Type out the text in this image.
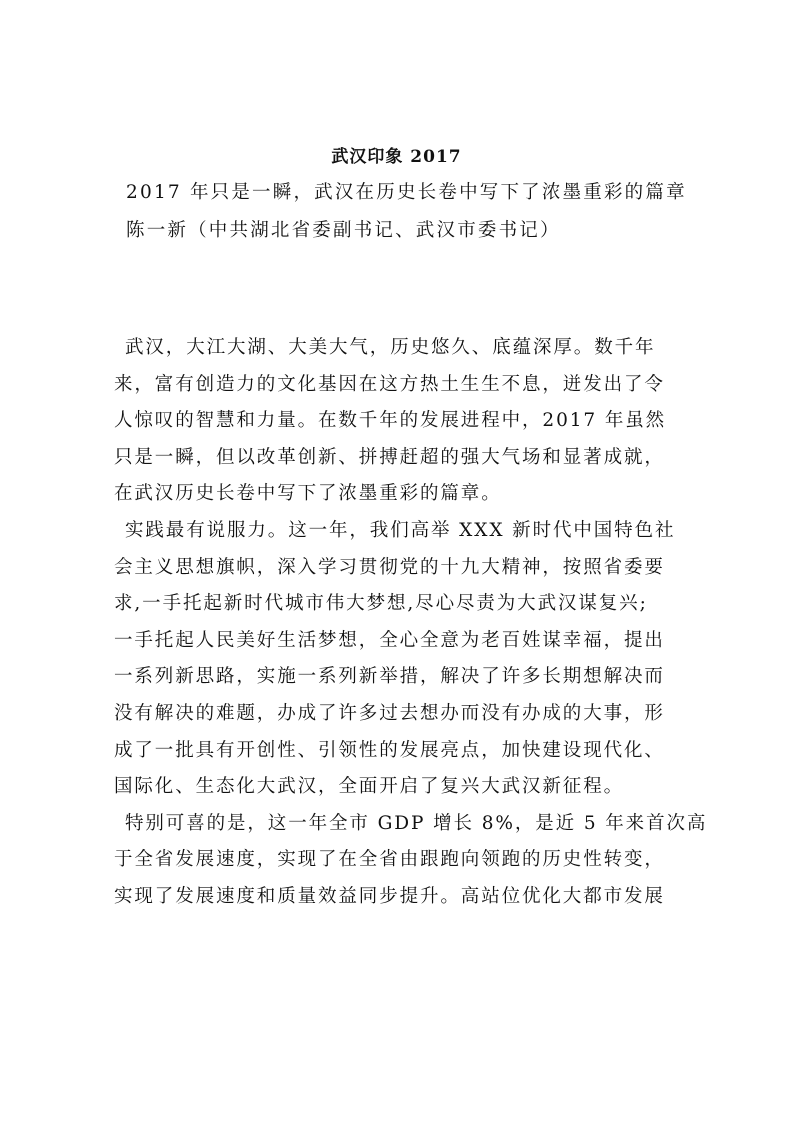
武汉印象 2017
2017 年只是一瞬，武汉在历史长卷中写下了浓墨重彩的篇章
陈一新（中共湖北省委副书记、武汉市委书记）
武汉，大江大湖、大美大气，历史悠久、底蕴深厚。数千年
来，富有创造力的文化基因在这方热土生生不息，迸发出了令
人惊叹的智慧和力量。在数千年的发展进程中，2017 年虽然
只是一瞬，但以改革创新、拼搏赶超的强大气场和显著成就，
在武汉历史长卷中写下了浓墨重彩的篇章。
实践最有说服力。这一年，我们高举 XXX 新时代中国特色社
会主义思想旗帜，深入学习贯彻党的十九大精神，按照省委要
求,一手托起新时代城市伟大梦想,尽心尽责为大武汉谋复兴;
一手托起人民美好生活梦想，全心全意为老百姓谋幸福，提出
一系列新思路，实施一系列新举措，解决了许多长期想解决而
没有解决的难题，办成了许多过去想办而没有办成的大事，形
成了一批具有开创性、引领性的发展亮点，加快建设现代化、
国际化、生态化大武汉，全面开启了复兴大武汉新征程。
特别可喜的是，这一年全市 GDP 增长 8%，是近 5 年来首次高
于全省发展速度，实现了在全省由跟跑向领跑的历史性转变，
实现了发展速度和质量效益同步提升。高站位优化大都市发展
